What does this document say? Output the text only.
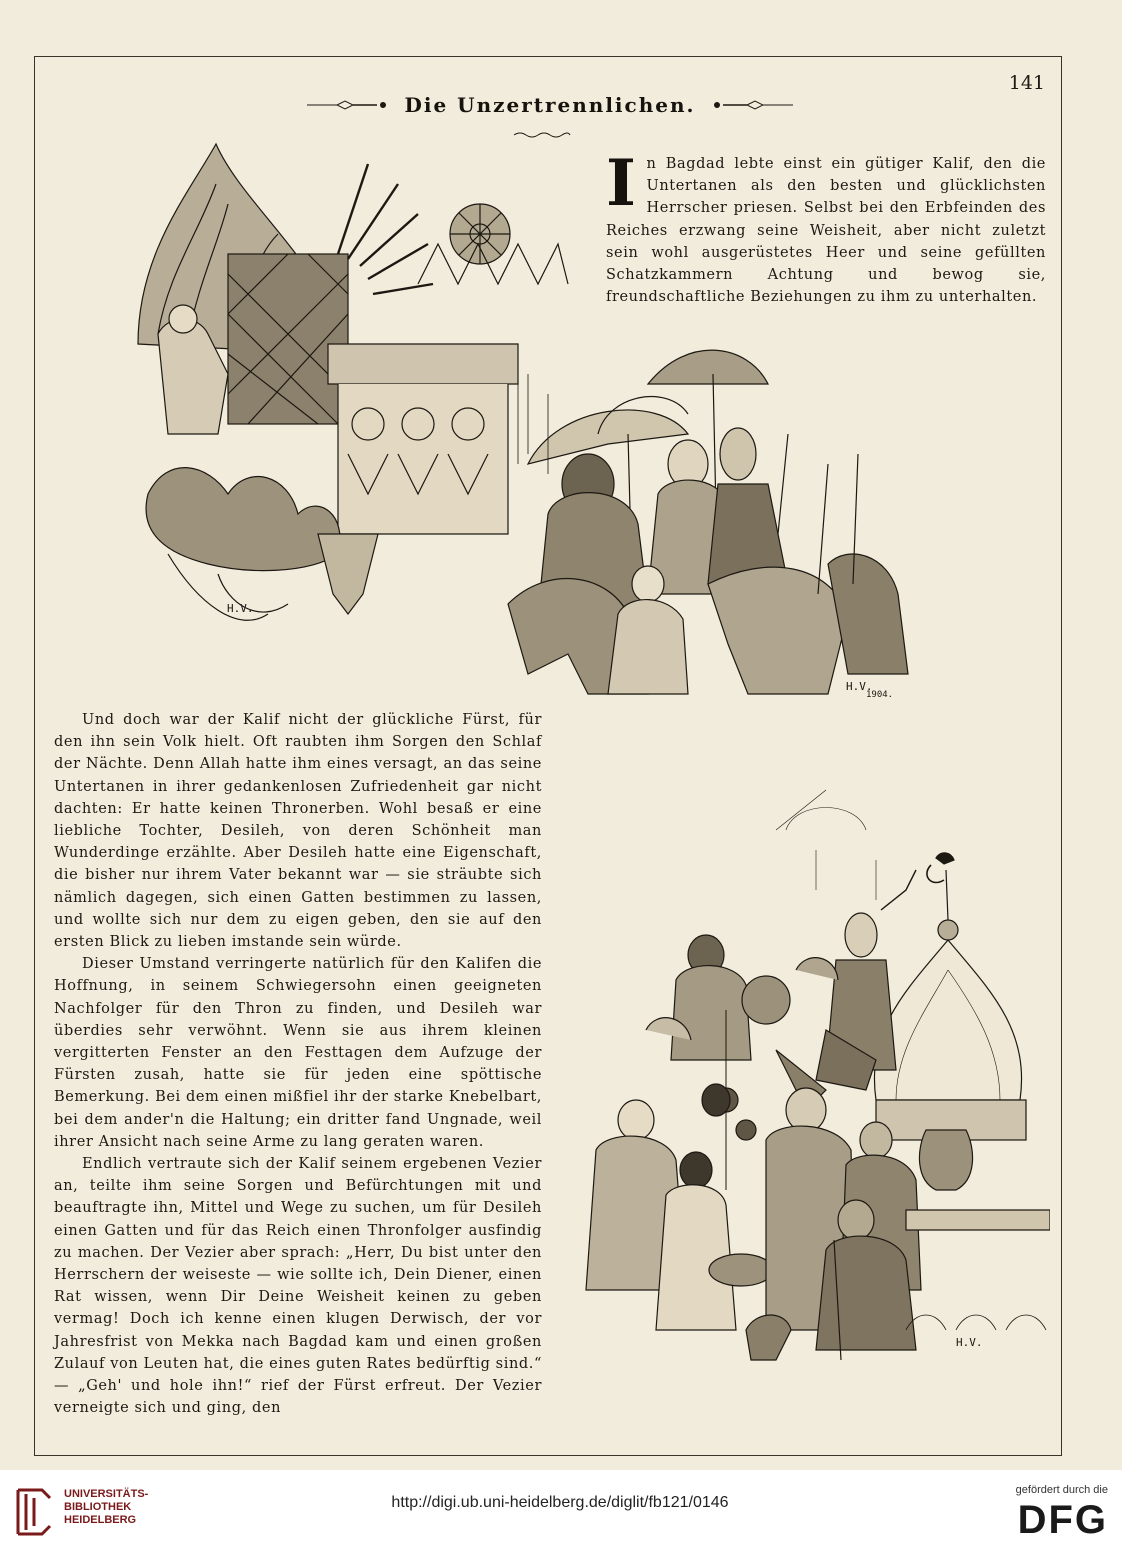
141
Die Unzertrennlichen.
H.V.
H.V.
1904.

In Bagdad lebte einst ein gütiger Kalif, den die Untertanen als den besten und glücklichsten Herrscher priesen. Selbst bei den Erbfeinden des Reiches erzwang seine Weisheit, aber nicht zuletzt sein wohl ausgerüstetes Heer und seine gefüllten Schatzkammern Achtung und bewog sie, freundschaftliche Beziehungen zu ihm zu unterhalten.

Und doch war der Kalif nicht der glückliche Fürst, für den ihn sein Volk hielt. Oft raubten ihm Sorgen den Schlaf der Nächte. Denn Allah hatte ihm eines versagt, an das seine Untertanen in ihrer gedankenlosen Zufriedenheit gar nicht dachten: Er hatte keinen Thronerben. Wohl besaß er eine liebliche Tochter, Desileh, von deren Schönheit man Wunderdinge erzählte. Aber Desileh hatte eine Eigenschaft, die bisher nur ihrem Vater bekannt war — sie sträubte sich nämlich dagegen, sich einen Gatten bestimmen zu lassen, und wollte sich nur dem zu eigen geben, den sie auf den ersten Blick zu lieben imstande sein würde.

Dieser Umstand verringerte natürlich für den Kalifen die Hoffnung, in seinem Schwiegersohn einen geeigneten Nachfolger für den Thron zu finden, und Desileh war überdies sehr verwöhnt. Wenn sie aus ihrem kleinen vergitterten Fenster an den Festtagen dem Aufzuge der Fürsten zusah, hatte sie für jeden eine spöttische Bemerkung. Bei dem einen mißfiel ihr der starke Knebelbart, bei dem ander'n die Haltung; ein dritter fand Ungnade, weil ihrer Ansicht nach seine Arme zu lang geraten waren.

Endlich vertraute sich der Kalif seinem ergebenen Vezier an, teilte ihm seine Sorgen und Befürchtungen mit und beauftragte ihn, Mittel und Wege zu suchen, um für Desileh einen Gatten und für das Reich einen Thronfolger ausfindig zu machen. Der Vezier aber sprach: „Herr, Du bist unter den Herrschern der weiseste — wie sollte ich, Dein Diener, einen Rat wissen, wenn Dir Deine Weisheit keinen zu geben vermag! Doch ich kenne einen klugen Derwisch, der vor Jahresfrist von Mekka nach Bagdad kam und einen großen Zulauf von Leuten hat, die eines guten Rates bedürftig sind.“ — „Geh' und hole ihn!“ rief der Fürst erfreut. Der Vezier verneigte sich und ging, den

H.V.
UNIVERSITÄTS-
BIBLIOTHEK
HEIDELBERG
http://digi.ub.uni-heidelberg.de/diglit/fb121/0146
gefördert durch die
DFG
